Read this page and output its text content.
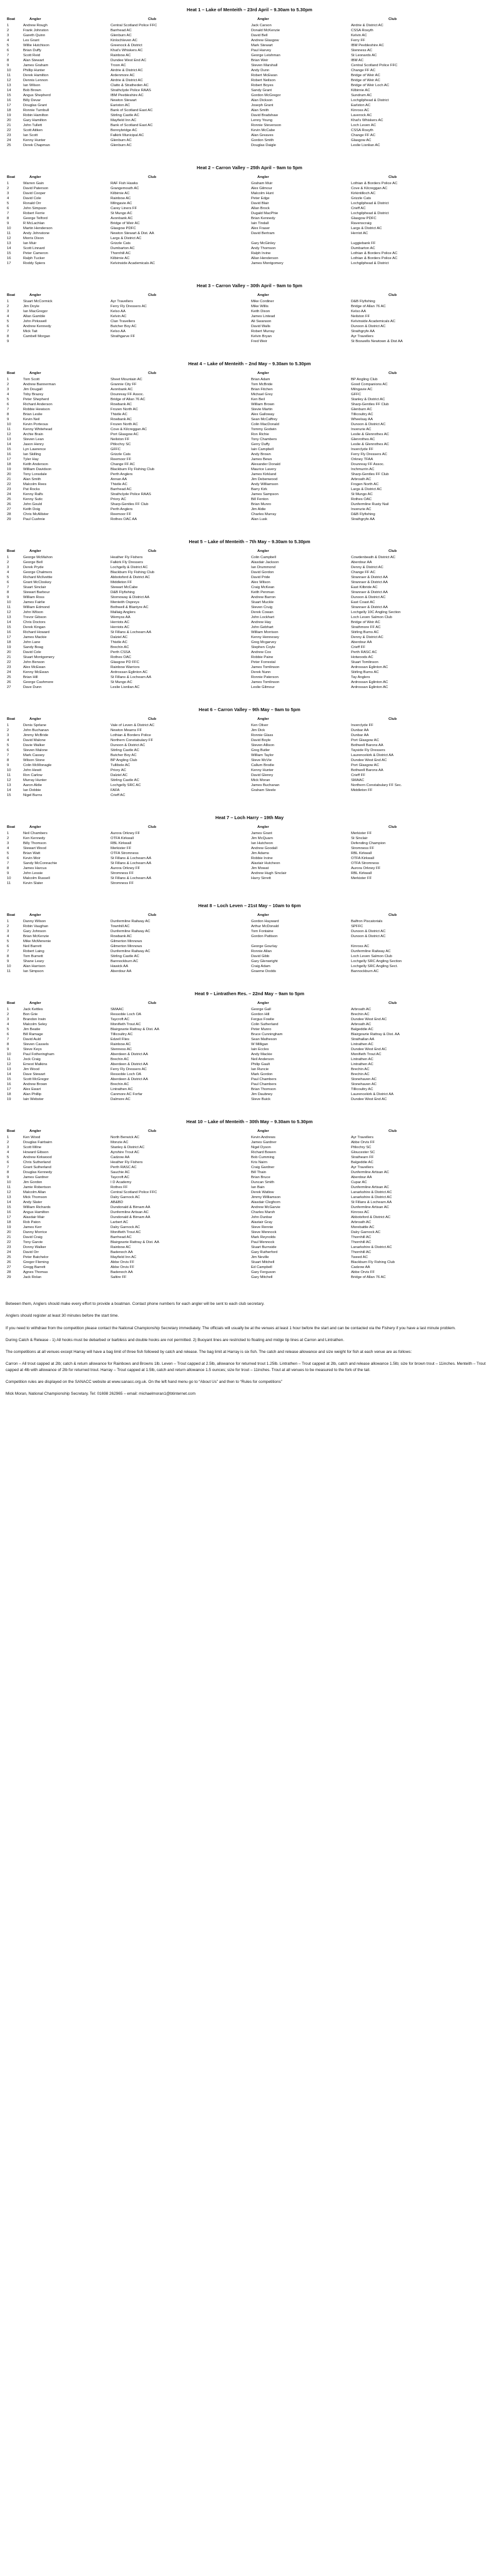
Heat 1 – Lake of Menteith – 23rd April – 9.30am to 5.30pm
Boat	Angler	Club	Angler	Club
1	Andrew Rough	Central Scotland Police FFC	Jack Carson	Airdrie & District AC
2	Frank Johnston	Barrhead AC	Donald McKenzie	CSSA Rosyth
3	Gareth Quinn	Glenburn AC	David Bell	Kelvin AC
4	Les Grant	Kinlochleven AC	Andrew Glasgow	Ferry FF
5	Willie Hutchison	Greenock & District	Mark Stewart	IBM Peebleshire AC
6	Brian Duffy	Khat's Whiskers AC	Paul Harvey	Stenness AC
7	Scott Reid	Rainbow AC	George Leishman	St Leonards AC
8	Alan Stewart	Dundee West End AC	Brian Weir	IBM AC
9	James Graham	Troon AC	Steven Marshall	Central Scotland Police FFC
10	Phillip Hunter	Airdrie & District AC	Andy Dunn	Change FF AC
11	Derek Hamilton	Ardenmore AC	Robert McEwan	Bridge of Weir AC
12	Dennis Lennon	Airdrie & District AC	Robert Neilson	Bridge of Weir AC
13	Ian Wilson	Clatto & Stratheden AC	Robert Boyes	Bridge of Weir Loch AC
14	Bob Brown	Strathclyde Police RAAS	Sandy Grant	Kilbirnie AC
15	Angus Shepherd	IBM Peebleshire AC	Gordon McGregor	Sundrum AC
16	Billy Devar	Newton Stewart	Alan Dickson	Lochgilphead & District
17	Douglas Grant	Eariston AC	Joseph Grant	Earlston AC
18	Ronnie Turnbull	Bank of Scotland East AC	Alan Smith	Kinross AC
19	Robin Hamilton	Stirling Castle AC	David Bradshaw	Laverock AC
20	Gary Hamilton	Mayfield Inn AC	Lenny Young	Khat's Whiskers AC
21	John Tullett	Bank of Scotland East AC	Ronnie Stevenson	Loch Leven AC
22	Scott Aitken	Bonnybridge AC	Kevin McCabe	CSSA Rosyth
23	Ian Scott	Falkirk Municipal AC	Alan Greaves	Change FF AC
24	Kenny Hunter	Glenburn AC	Gordon Smith	Glasgow AC
25	Derek Chapman	Glenburn AC	Douglas Daigle	Leslie Lisnlian AC
Heat 2 – Carron Valley – 25th April – 9am to 5pm
Boat	Angler	Club	Angler	Club
1	Warren Gain	RAF Fish Hawks	Graham Muir	Lothian & Borders Police AC
2	David Paterson	Grangemouth AC	Alex Gilmour	Cove & Kilcreggan AC
3	David Cooper	Kilbirnie AC	Malcolm Hunt	Kirkintilloch AC
4	David Cole	Rainbow AC	Peter Edge	Grizzle Cats
5	Ronald Orr	Milngavie AC	David Blair	Lochgilphead & District
6	John Simpson	Carey Liners FF	Allan Brock	Crieff AC
7	Robert Ferrie	St Mungo AC	Dugald MacPhie	Lochgilphead & District
8	George Telford	Avonbank AC	Brian Kennedy	Glasgow PDFC
9	R McLachlan	Bridge of Weir AC	Iain Tindall	Ravenscraig
10	Martin Henderson	Glasgow PDFC	Alex Fraser	Largs & District AC
11	Andy Johnstone	Newton Stewart & Dist. AA	David Bertram	Herriot AC
12	Morris Dixon	Largs & District AC
13	Ian Muir	Grizzle Cats	Gary McGinley	Luggiebank FF
14	Scott Linnard	Dumbarton AC	Andy Thomson	Dumbarton AC
15	Peter Cameron	Thornhill AC	Ralph Irvine	Lothian & Borders Police AC
16	Ralph Tucker	Kilbirnie AC	Allan Henderson	Lothian & Borders Police AC
17	Roddy Spiers	Kelvinside Academicals AC	James Montgomery	Lochgilphead & District
Heat 3 – Carron Valley – 30th April – 9am to 5pm
Boat	Angler	Club	Angler	Club
1	Stuart McCormick	Ayr Travellers	Mike Cordiner	D&B Flyfishing
2	Jim Doyle	Ferry Fly Dressers AC	Mike Willis	Bridge of Allan 76 AC
3	Ian MacGregor	Kelso AA	Keith Dixon	Kelso AA
4	Allan Gamble	Kelvin AC	James Lintead	Neilston FF
5	John Pirkswell	Clan Travellers	Ali Swanson	Kelvinside Academicals AC
6	Andrew Kennedy	Butcher Boy AC	David Walls	Dunoon & District AC
7	Mick Tait	Kelso AA	Robert Murray	Strathgryfe AA
8	Cambell Morgan	Strathgarve FF	Kelvin Bryan	Ayr Travellers
9	Fred Weir	St Boswells Newtown & Dist AA
Heat 4 – Lake of Menteith – 2nd May – 9.30am to 5.30pm
Boat	Angler	Club	Angler	Club
1	Tom Scott	Sheet Mountain AC	Brian Adam	BP Angling Club
2	Andrew Bannerman	Grannie City FF	Tom McBride	Good Companions AC
3	Jim Dougall	Avonbank AC	Brian Fitchen	Milngavie AC
4	Toby Brazey	Dounreay FF Assoc.	Michael Grey	GFFC
5	Peter Shepherd	Bridge of Allan 76 AC	Ken Beil	Stanley & District AC
6	Richard Anderson	Rowbank AC	William Brown	Sharp-Gentles FF Club
7	Robbie Hewison	Frozen North AC	Stevie Martin	Glenburn AC
8	Brian Leslie	Thistle AC	Alex Galloway	Tillicoultry AC
9	Kevin Neil	Rowbank AC	Sean McCaffrey	Wheelsay AA
10	Kevin Porteous	Frozen North AC	Colin MacDonald	Dunoon & District AC
11	Kenny Whitehead	Cove & Kilcreggan AC	Tommy Godwin	Inverurie AC
12	Archie Brain	Port Glasgow AC	Ron Richie	Leslie & Glenrothes AC
13	Steven Lean	Neilston FF	Tony Chambers	Glenrothes AC
14	Jason Henry	Pitlochry SC	Gerry Duffy	Leslie & Glenrothes AC
15	Lyn Lawrence	GFFC	Iain Campbell	Inverclyde FF
16	Ian Skilling	Grizzle Cats	Andy Brown	Ferry Fly Dressers AC
17	Tyler Hay	Reemoor FF	James Bews	Orkney TFAA
18	Keith Anderson	Change FF AC	Alexander Donald	Dounreay FF Assoc.
19	William Davidson	Blackburn Fly Fishing Club	Maurice Lavery	Inchmurrin AC
20	Tony Lonsdale	Perth Anglers	James Kirkland	Sharp-Gentles FF Club
21	Alan Smith	Annan AA	Jim Debenwood	Arbroath AC
22	Malcolm Rees	Thistle AC	Andy Williamson	Frogen North AC
23	Pat Rocks	Barrhead AC	Barry Kirk	Largs & District AC
24	Kenny Ralfs	Strathclyde Police RAAS	James Sampson	St Mungo AC
25	Kenny Sutic	Priory AC	Bill Fenton	Rothes OAC
26	John Gould	Sharp-Gentles FF Club	Brian Munro	Dunfermline Rusty Nail
27	Keith Doig	Perth Anglers	Jim Aldie	Inverurie AC
28	Chris McAllister	Reemoor FF	Charles Murray	D&B Flyfishing
29	Paul Cushnie	Rothes OAC AA	Alan Lusk	Strathgryfe AA
Heat 5 – Lake of Menteith – 7th May – 9.30am to 5.30pm
Boat	Angler	Club	Angler	Club
1	George McMahon	Heather Fly Fishers	Colin Campbell	Cowdenbeath & District AC
2	George Bell	Falkirk Fly Dressers	Alasdair Jackson	Aberdour AA
3	Derek Pryde	Lochgelly & District AC	Ian Drummond	Denny & District AC
4	George Chalmers	Blackburn Fly Fishing Club	David Gordon	Change FF AC
5	Richard McIlvettie	Abbotsford & District AC	David Pride	Stranraer & District AA
6	Grant McCloskey	Middleton FF	Alex Wilson	Stranraer & District AA
7	Stuart Sinclair	Stewart McCabe	Craig McKean	East Kilbride AC
8	Stewart Barbour	D&B Flyfishing	Keith Penman	Stranraer & District AA
9	William Ross	Stornoway & District AA	Andrew Barron	Dunoon & District AC
10	James Fairlie	Menteith Ospreys	Stuart Muckle	East Coast AC
11	William Edmond	Bothwell & Blantyre AC	Steven Cruig	Stranraer & District AA
12	John Wilson	Mallaig Anglers	Derek Cowan	Lochgelly 10C Angling Section
13	Trevor Gibson	Wemyss AA	John Lockhart	Loch Leven Salmon Club
14	Chris Doctors	Herriots AC	Andrew Hay	Bridge of Weir AC
15	Derek Kingan	Herriots AC	John Gebhart	Strathmore FF AC
16	Richard Howard	St Fillans & Lochearn AA	William Morrison	Stirling Burns AC
17	James Mackie	Dalziel AC	Kenny Hennesey	Denny & District AC
18	John Lane	Thistle AC	Greg Mcgarvey	Aberdour AA
19	Sandy Boag	Brechin AC	Stephen Coyle	Crieff FF
20	David Cole	Perth CSSA	Andrew Cox	Perth RASC AC
21	Stuart Montgomery	Rothes OAC	Robbie Paine	Hotwoods AC
22	John Benson	Glasgow PD FFC	Peter Forrestal	Stuart Tomlinson
23	Alex McEwan	Rainbow Warriors	James Tomlinson	Ardrossan Eglinton AC
24	Kenny McEwan	Ardrossan Eglinton AC	Derek Nunn	Stirling Burns AC
25	Brian Hill	St Fillans & Lochearn AA	Ronnie Paterson	Tay Anglers
26	George Cashmore	St Mungo AC	James Tomlinson	Ardrossan Eglinton AC
27	Dave Dunn	Leslie Lisnlian AC	Leslie Gilmour	Ardrossan Eglinton AC
Heat 6 – Carron Valley – 9th May – 9am to 5pm
Boat	Angler	Club	Angler	Club
1	Denis Sprlane	Vale of Leven & District AC	Ken Oliver	Inverclyde FF
2	John Buchanan	Newton Mearns FF	Jim Dick	Dunbar AA
3	Jimmy McBride	Lothian & Borders Police	Ronnie Glass	Dunbar AA
4	David Malone	Northern Constabulary FF	David Boyle	Port Glasgow AC
5	Davie Walker	Dunoon & District AC	Steven Allison	Bothwell Barons AA
6	Steven Malone	Stirling Castle AC	Greg Butler	Tayside Fly Dressers
7	Mark Cassey	Butcher Boy AC	William Taylor	Laurencekirk & District AA
8	Wilson Stone	BP Angling Club	Steve McVie	Dundee West End AC
9	Colin McMonagle	Tullibole AC	Callum Brodie	Port Glasgow AC
10	John Hewit	Priory AC	Kenny Hunter	Bothwell Barons AA
11	Ron Carlow	Dalziel AC	David Glenny	Crieff FF
12	Murray Hunter	Stirling Castle AC	Mick Moran	SMAAC
13	Aaron Aldie	Lochgelly SRC AC	James Buchanan	Northern Constabulary FF Sec.
14	Ian Dobbie	FAFA	Graham Steele	Middleton FF
15	Nigel Burns	Crieff AC
Heat 7 – Loch Harry – 19th May
Boat	Angler	Club	Angler	Club
1	Neil Chambers	Aurora Orkney FF	James Grant	Merkister FF
2	Ken Kennedy	OTFA Kirkwall	Jim McQuarn	St Sinclair
3	Billy Thomson	RBL Kirkwall	Ian Hutcheon	Defending Champion
4	Stewart Wood	Merkister FF	Andrew Goodall	Stromness FF
5	Brian Watt	OTFA Stromness	Jim Adams	RBL Kirkwall
6	Kevin Moir	St Fillans & Lochearn AA	Robbie Irvine	OTFA Kirkwall
7	Sandy McConnachie	St Fillans & Lochearn AA	Alastair Hutcheon	OTFA Stromness
8	James Harcus	Aurora Orkney FF	Jim Mowat	Aurora Orkney FF
9	John Lessie	Stromness FF	Andrew Hugh Sinclair	RBL Kirkwall
10	Malcolm Russell	St Fillans & Lochearn AA	Harry Sirrett	Merkister FF
11	Kevin Slater	Stromness FF
Heat 8 – Loch Leven – 21st May – 10am to 6pm
Boat	Angler	Club	Angler	Club
1	Danny Wilson	Dunfermline Railway AC	Gordon Hayward	Balfron Piscatorials
2	Robin Vaughan	Townhill AC	Arthur McDonald	SPFFC
3	Gary Johnson	Dunfermline Railway AC	Tom Fontaine	Dunoon & District AC
4	Brian McKenzie	Rowbank AC	Gordon Pattison	Dunoon & District AC
5	Mike McMenenie	Gilmerton Minnows
6	Neil Barrett	Gilmerton Minnows	George Gourlay	Kinross AC
7	Robert Laing	Dunfermline Railway AC	Ronnie Allan	Dunfermline Railway AC
8	Tom Burnett	Stirling Castle AC	David Gibb	Loch Leven Salmon Club
9	Shane Leary	Bannockburn AC	Gary Glenwright	Lochgelly SRC Angling Section
10	Alan Harrison	Hawick AA	Craig Adam	Lochgelly SRC Angling Sect.
11	Ian Simpson	Aberdour AA	Graeme Dodds	Bannockburn AC
Heat 9 – Lintrathen Res. – 22nd May – 9am to 5pm
Boat	Angler	Club	Angler	Club
1	Jack Kettles	SMAAC	George Gall	Arbroath AC
2	Bon Grie	Ressoble Loch OA	Gordon Hill	Brechin AC
3	Brandon Irwin	Taycroft AC	Fergus Fowlie	Dundee West End AC
4	Malcolm Seley	Monifieth Trout AC	Colin Sutherland	Arbroath AC
5	Jim Beatie	Blairgowrie Rattray & Dist. AA	Peter Munro	Balgeddie AC
6	Bill Ramage	Tillicoultry AC	Bruce Cunningham	Blairgowrie Rattray & Dist. AA
7	David Auld	Edzell Flies	Sean Matheson	Strathallan AA
8	Steven Cassels	Rainbow AC	W Milligan	Lintrathen AC
9	Steve Keys	Stenness AC	Iain Eccles	Dundee West End AC
10	Paul Fotheringham	Aberdeen & District AA	Andy Mackie	Monifieth Trout AC
11	Jock Craig	Brechin AC	Neil Anderson	Lintrathen AC
12	Ernest Malkins	Aberdeen & District AA	Philip Gault	Lintrathen AC
13	Jim Wood	Ferry Fly Dressers AC	Ian Runcie	Brechin AC
14	Dave Stewart	Ressoble Loch OA	Mark Gordon	Brechin AC
15	Scott McGregor	Aberdeen & District AA	Paul Chambers	Stonehaven AC
16	Andrew Brown	Brechin AC	Paul Chambers	Stonehaven AC
17	Alex Ewart	Lintrathen AC	Brian Thomson	Tillicoultry AC
18	Alan Phillip	Canmore AC Forfar	Jim Daubney	Laurencekirk & District AA
19	Iain Webster	Dalmore AC	Steve Buick	Dundee West End AC
Heat 10 – Lake of Menteith – 30th May – 9.30am to 5.30pm
Boat	Angler	Club	Angler	Club
1	Ken Wood	North Berwick AC	Kevin Andrews	Ayr Travellers
2	Douglas Fairbairn	Monzie AC	James Gardner	Abbe Orvis FF
3	Scott Milne	Stanley & District AC	Nigel Dyson	Pitlochry SC
4	Howard Gibson	Ayrshire Trout AC	Richard Bowen	Gloucester SC
5	Andrew Kirkwood	Cadzow AA	Bob Cumming	Strathearn FF
6	Chris Sutherland	Heather Fly Fishers	Kris Nairn	Balgeddie AC
7	Grant Sutherland	Perth RASC AC	Craig Gardner	Ayr Travellers
8	Douglas Kennedy	Sauchie AC	Bill Thain	Dunfermline Artisan AC
9	James Gardner	Taycroft AC	Brian Bruce	Aberdour AA
10	Jim Gordon	I D Academy	Duncan Smith	Cupar AC
11	Jamie Robertson	Rothes FF	Ian Bain	Dunfermline Artisan AC
12	Malcolm Allan	Central Scotland Police FFC	Derek Watlow	Lanarkshire & District AC
13	Mick Thomson	Dalry Garnock AC	Jimmy Williamson	Lanarkshire & District AC
14	Andy Slater	AB&BD	Alasdair Cleghorn	St Fillans & Lochearn AA
15	William Richards	Dundonald & Birnam AA	Andrew McGarvie	Dunfermline Artisan AC
16	Angus Hamilton	Dunfermline Artisan AC	Charles Marsh	Kinross AC
17	Alasdair Mair	Dundonald & Birnam AA	John Dunbar	Abbotsford & District AC
18	Rob Paton	Larbert AC	Alastair Gray	Arbroath AC
19	James Kerr	Dalry Garnock AC	Steve Rennie	Morebattle AC
20	Danny Morrice	Monifieth Trout AC	Steve Mennock	Dalry Garnock AC
21	David Craig	Barrhead AC	Mark Reynolds	Thornhill AC
22	Tony Garvie	Blairgowrie Rattray & Dist. AA	Paul Mennock	Thornhill AC
23	Donny Walker	Rainbow AC	Stuart Burnside	Lanarkshire & District AC
24	David Orr	Badenoch AA	Gary Rutherford	Thornhill AC
25	Peter Batchelor	Mayfield Inn AC	Jim Neville	Tweed AC
26	Gregor Fleming	Abbe Orvis FF	Stuart Mitchell	Blackburn Fly Fishing Club
27	Gregg Barrett	Abbe Orvis FF	Ed Campbell	Cadzow AA
28	Agnes Thomas	Badenoch AA	Gary Ferguson	Abbe Orvis FF
29	Jack Rolan	Saltire FF	Gary Mitchell	Bridge of Allan 76 AC

Between them, Anglers should make every effort to provide a boatman. Contact phone numbers for each angler will be sent to each club secretary.

Anglers should register at least 30 minutes before the start time.

If you need to withdraw from the competition please contact the National Championship Secretary immediately. The officials will usually be at the venues at least 1 hour before the start and can be contacted via the Fishery if you have a last minute problem.

During Catch & Release - 1) All hooks must be debarbed or barbless and double hooks are not permitted. 2) Buoyant lines are restricted to floating and midge tip lines at Carron and Lintrathen.

The competitions at all venues except Harray will have a bag limit of three fish followed by catch and release. The bag limit at Harray is six fish. The catch and release allowance and size weight for fish at each venue are as follows:

Carron – All trout capped at 2lb; catch & return allowance for Rainbows and Browns 1lb. Leven – Trout capped at 2.5lb, allowance for returned trout 1.25lb. Lintrathen – Trout capped at 2lb, catch and release allowance 1.5lb; size for brown trout – 11inches. Menteith – Trout capped at 4lb with allowance of 2lb for returned trout. Harray – Trout capped at 1.5lb, catch and return allowance 1.5 ounces; size for trout – 11inches. Trout at all venues to be measured to the fork of the tail.

Competition rules are displayed on the SANACC website at www.sanacc.org.uk. On the left hand menu go to “About Us” and then to “Rules for competitions”

Mick Moran, National Championship Secretary. Tel: 01698 262965 – email: michaelmoran1@btinternet.com
